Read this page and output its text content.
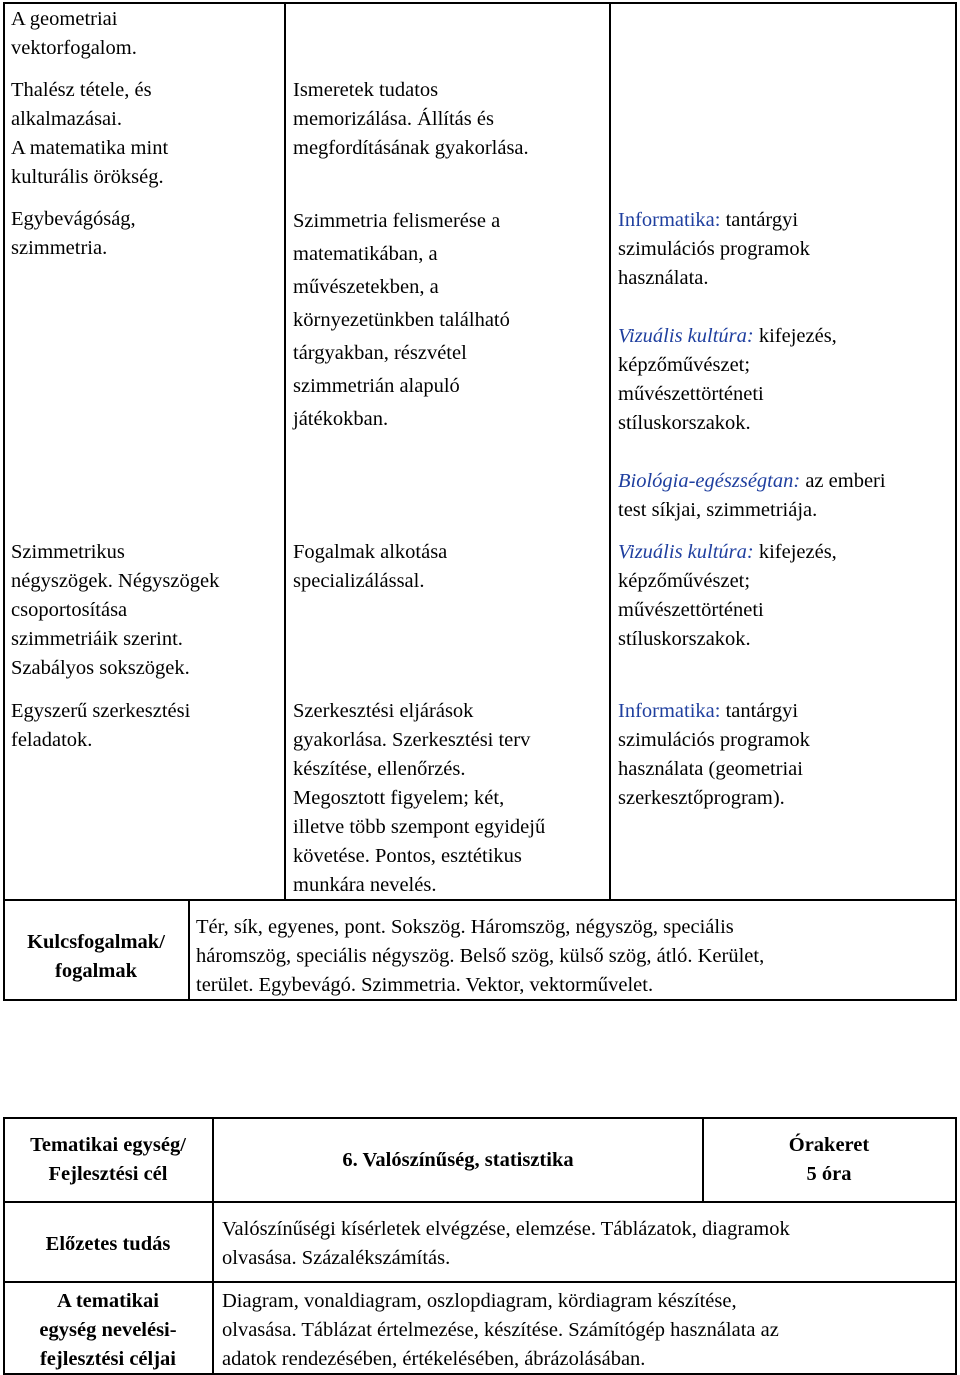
A geometriai

vektorfogalom.

Thalész tétele, és

alkalmazásai.

A matematika mint

kulturális örökség.

Egybevágóság,

szimmetria.

Szimmetrikus

négyszögek. Négyszögek

csoportosítása

szimmetriáik szerint.

Szabályos sokszögek.

Egyszerű szerkesztési

feladatok.

Ismeretek tudatos

memorizálása. Állítás és

megfordításának gyakorlása.

Szimmetria felismerése a

matematikában, a

művészetekben, a

környezetünkben található

tárgyakban, részvétel

szimmetrián alapuló

játékokban.

Fogalmak alkotása

specializálással.

Szerkesztési eljárások

gyakorlása. Szerkesztési terv

készítése, ellenőrzés.

Megosztott figyelem; két,

illetve több szempont egyidejű

követése. Pontos, esztétikus

munkára nevelés.

Informatika: tantárgyi

szimulációs programok

használata.

Vizuális kultúra: kifejezés,

képzőművészet;

művészettörténeti

stíluskorszakok.

Biológia-egészségtan: az emberi

test síkjai, szimmetriája.

Vizuális kultúra: kifejezés,

képzőművészet;

művészettörténeti

stíluskorszakok.

Informatika: tantárgyi

szimulációs programok

használata (geometriai

szerkesztőprogram).

Kulcsfogalmak/

fogalmak

Tér, sík, egyenes, pont. Sokszög. Háromszög, négyszög, speciális

háromszög, speciális négyszög. Belső szög, külső szög, átló. Kerület,

terület. Egybevágó. Szimmetria. Vektor, vektorművelet.

Tematikai egység/

Fejlesztési cél

6. Valószínűség, statisztika

Órakeret

5 óra

Előzetes tudás

Valószínűségi kísérletek elvégzése, elemzése. Táblázatok, diagramok

olvasása. Százalékszámítás.

A tematikai

egység nevelési-

fejlesztési céljai

Diagram, vonaldiagram, oszlopdiagram, kördiagram készítése,

olvasása. Táblázat értelmezése, készítése. Számítógép használata az

adatok rendezésében, értékelésében, ábrázolásában.
